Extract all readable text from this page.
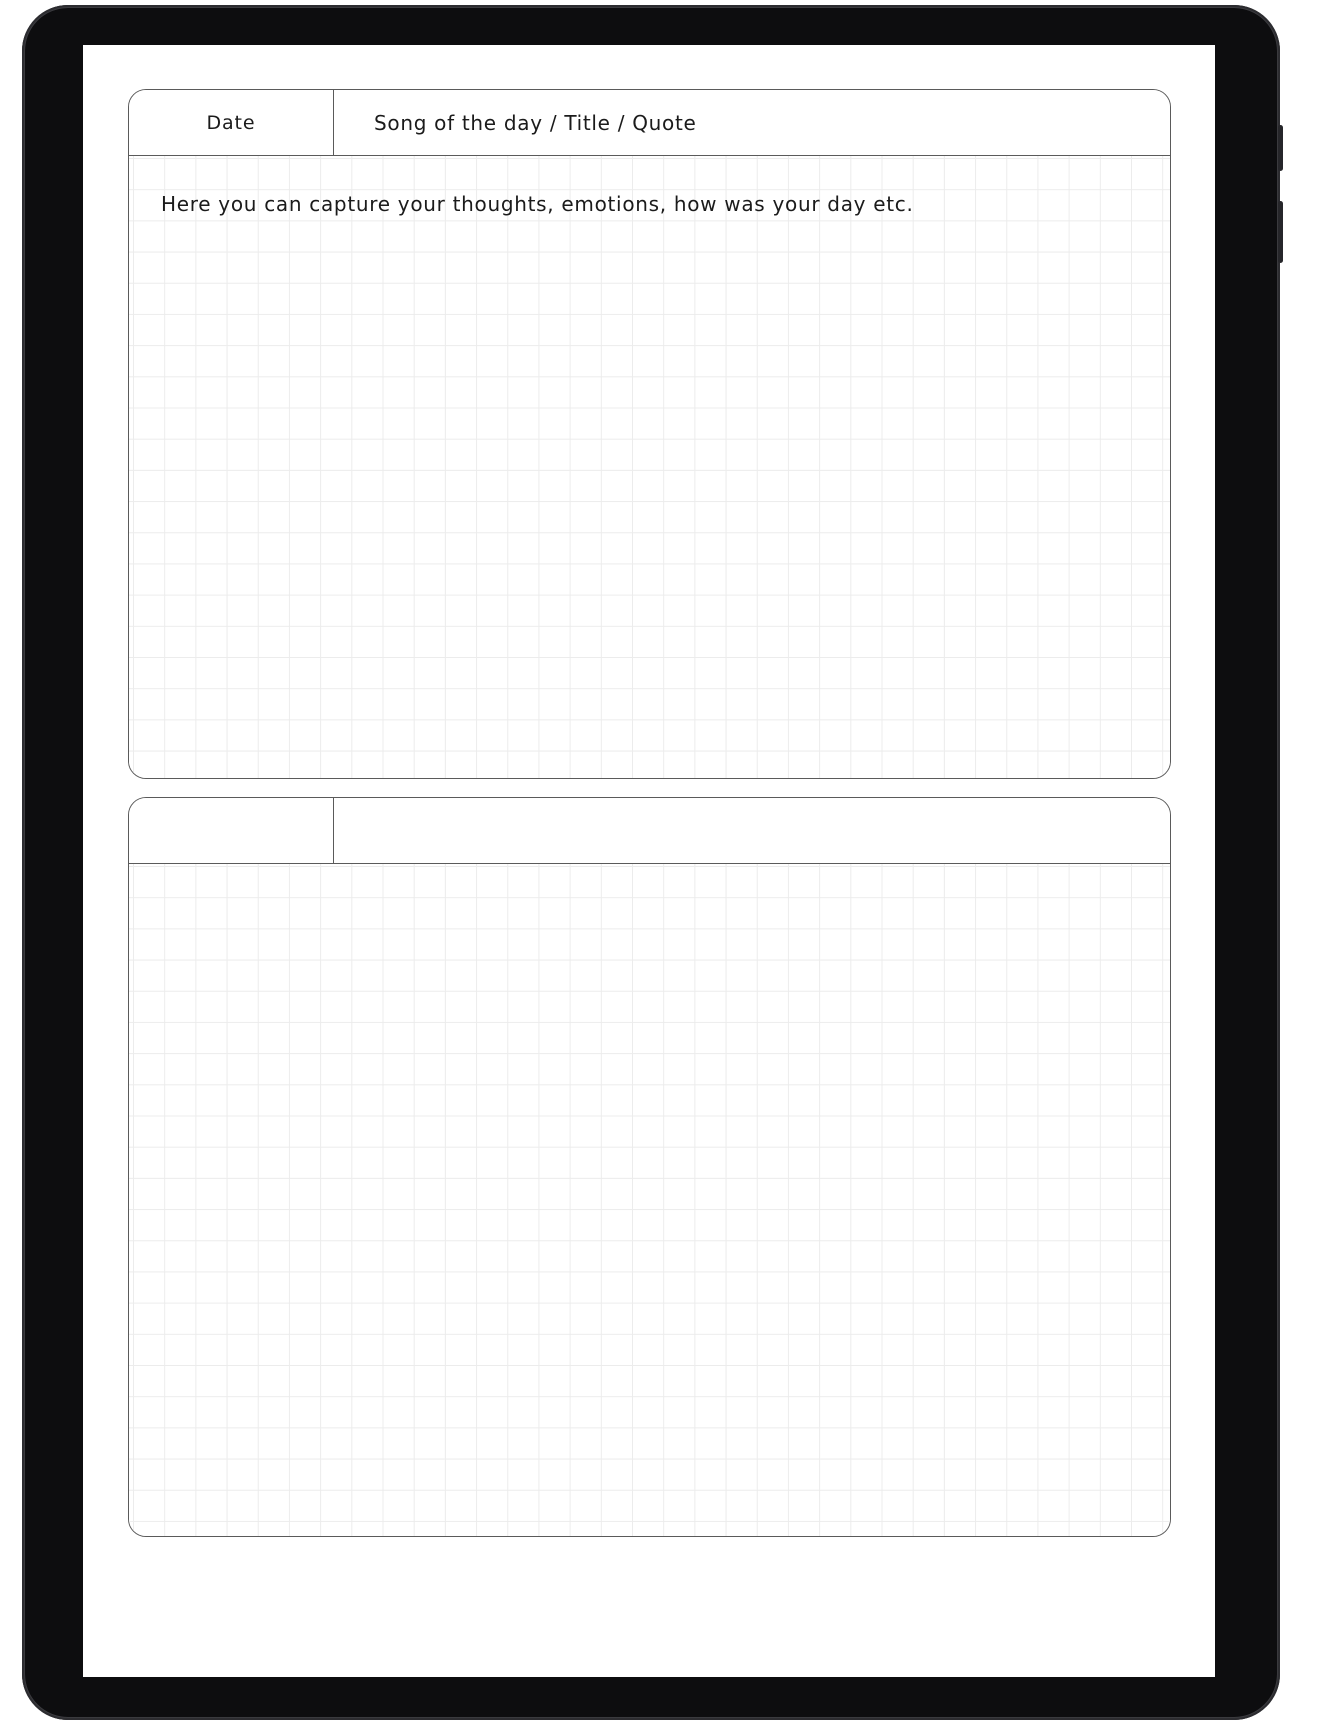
Date	Song of the day / Title / Quote
Here you can capture your thoughts, emotions, how was your day etc.
